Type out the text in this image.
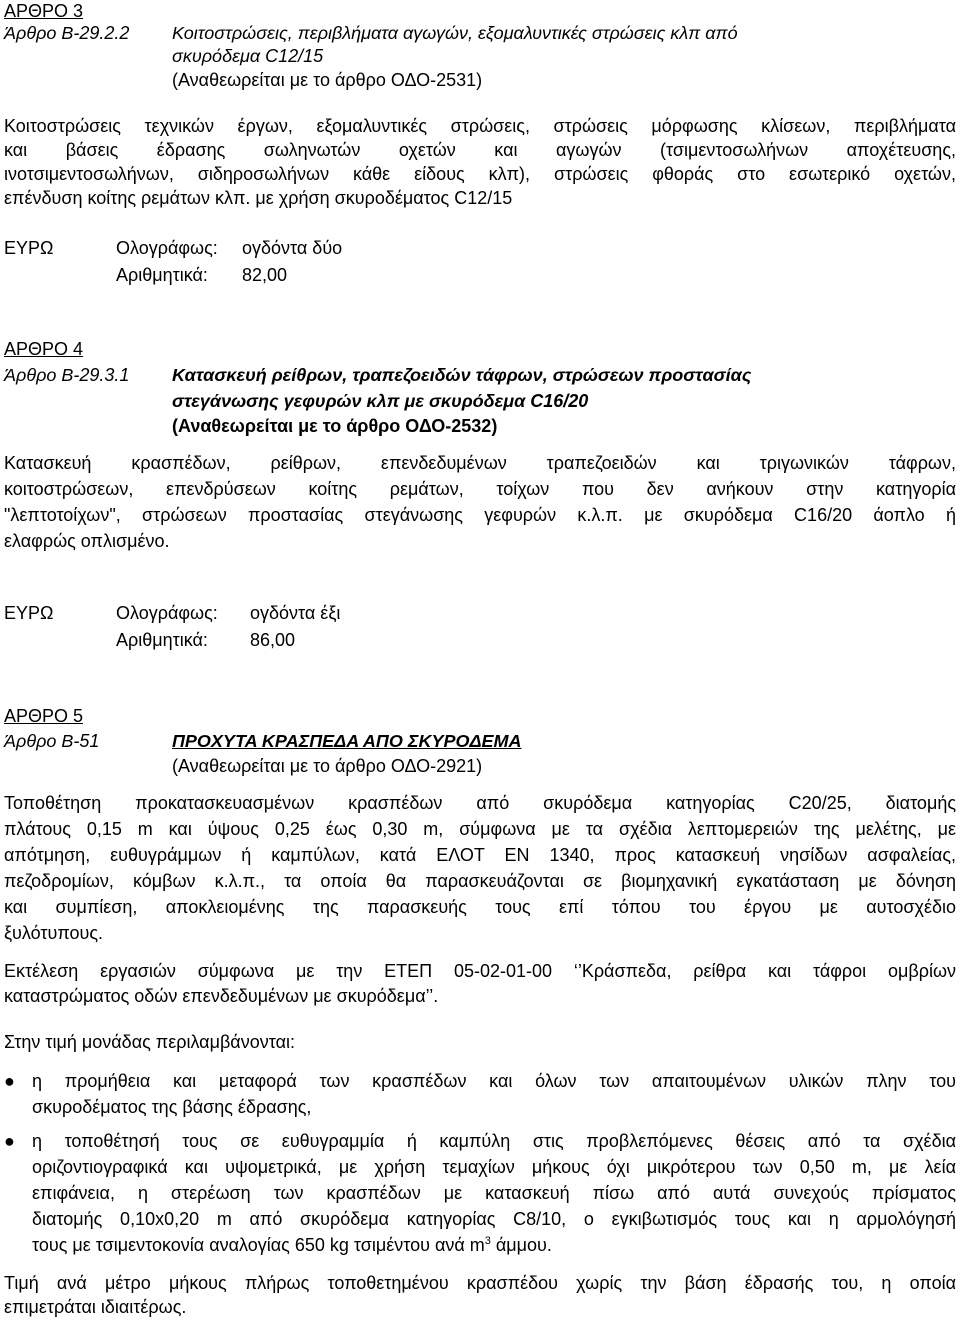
ΑΡΘΡΟ 3
Άρθρο Β-29.2.2 Κοιτοστρώσεις, περιβλήματα αγωγών, εξομαλυντικές στρώσεις κλπ από
σκυρόδεμα C12/15
(Αναθεωρείται με το άρθρο ΟΔΟ-2531)
Κοιτοστρώσεις τεχνικών έργων, εξομαλυντικές στρώσεις, στρώσεις μόρφωσης κλίσεων, περιβλήματα
και βάσεις έδρασης σωληνωτών οχετών και αγωγών (τσιμεντοσωλήνων αποχέτευσης,
ινοτσιμεντοσωλήνων, σιδηροσωλήνων κάθε είδους κλπ), στρώσεις φθοράς στο εσωτερικό οχετών,
επένδυση κοίτης ρεμάτων κλπ. με χρήση σκυροδέματος C12/15
ΕΥΡΩ	Ολογράφως: ογδόντα δύο
Αριθμητικά: 82,00
ΑΡΘΡΟ 4
Άρθρο Β-29.3.1 Κατασκευή ρείθρων, τραπεζοειδών τάφρων, στρώσεων προστασίας
στεγάνωσης γεφυρών κλπ με σκυρόδεμα C16/20
(Αναθεωρείται με το άρθρο ΟΔΟ-2532)
Κατασκευή κρασπέδων, ρείθρων, επενδεδυμένων τραπεζοειδών και τριγωνικών τάφρων,
κοιτοστρώσεων, επενδρύσεων κοίτης ρεμάτων, τοίχων που δεν ανήκουν στην κατηγορία
"λεπτοτοίχων", στρώσεων προστασίας στεγάνωσης γεφυρών κ.λ.π. με σκυρόδεμα C16/20 άοπλο ή
ελαφρώς οπλισμένο.
ΕΥΡΩ	Ολογράφως: ογδόντα έξι
Αριθμητικά: 86,00
ΑΡΘΡΟ 5
Άρθρο Β-51	ΠΡΟΧΥΤΑ ΚΡΑΣΠΕΔΑ ΑΠΟ ΣΚΥΡΟΔΕΜΑ
(Αναθεωρείται με το άρθρο ΟΔΟ-2921)
Τοποθέτηση προκατασκευασμένων κρασπέδων από σκυρόδεμα κατηγορίας C20/25, διατομής
πλάτους 0,15 m και ύψους 0,25 έως 0,30 m, σύμφωνα με τα σχέδια λεπτομερειών της μελέτης, με
απότμηση, ευθυγράμμων ή καμπύλων, κατά ΕΛΟΤ ΕΝ 1340, προς κατασκευή νησίδων ασφαλείας,
πεζοδρομίων, κόμβων κ.λ.π., τα οποία θα παρασκευάζονται σε βιομηχανική εγκατάσταση με δόνηση
και συμπίεση, αποκλειομένης της παρασκευής τους επί τόπου του έργου με αυτοσχέδιο
ξυλότυπους.
Εκτέλεση εργασιών σύμφωνα με την ΕΤΕΠ 05-02-01-00 ‘’Κράσπεδα, ρείθρα και τάφροι ομβρίων
καταστρώματος οδών επενδεδυμένων με σκυρόδεμα’’.
Στην τιμή μονάδας περιλαμβάνονται:
● η προμήθεια και μεταφορά των κρασπέδων και όλων των απαιτουμένων υλικών πλην του
σκυροδέματος της βάσης έδρασης,
● η τοποθέτησή τους σε ευθυγραμμία ή καμπύλη στις προβλεπόμενες θέσεις από τα σχέδια
οριζοντιογραφικά και υψομετρικά, με χρήση τεμαχίων μήκους όχι μικρότερου των 0,50 m, με λεία
επιφάνεια, η στερέωση των κρασπέδων με κατασκευή πίσω από αυτά συνεχούς πρίσματος
διατομής 0,10x0,20 m από σκυρόδεμα κατηγορίας C8/10, ο εγκιβωτισμός τους και η αρμολόγησή
τους με τσιμεντοκονία αναλογίας 650 kg τσιμέντου ανά $m^3$ άμμου.
Τιμή ανά μέτρο μήκους πλήρως τοποθετημένου κρασπέδου χωρίς την βάση έδρασής του, η οποία
επιμετράται ιδιαιτέρως.
